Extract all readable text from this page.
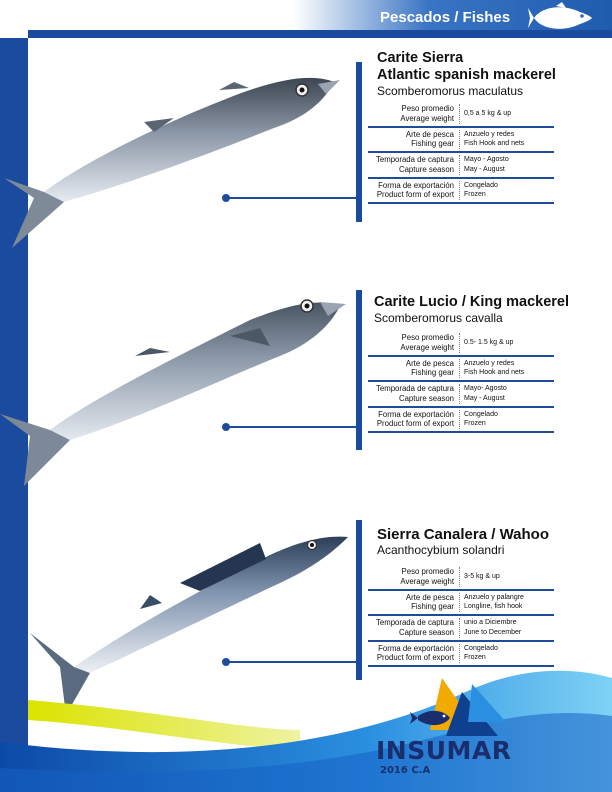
Pescados / Fishes
Carite Sierra
Atlantic spanish mackerel
Scomberomorus maculatus
Peso promedio
Average weight 0,5 a 5 kg & up
Arte de pesca
Fishing gear
Anzuelo y redes
Fish Hook and nets
Temporada de captura
Capture season
Mayo - Agosto
May - August
Forma de exportación
Product form of export
Congelado
Frozen
Carite Lucio / King mackerel
Scomberomorus cavalla
Peso promedio
Average weight 0.5- 1.5 kg & up
Arte de pesca
Fishing gear
Anzuelo y redes
Fish Hook and nets
Temporada de captura
Capture season
Mayo- Agosto
May - August
Forma de exportación
Product form of export
Congelado
Frozen
Sierra Canalera / Wahoo
Acanthocybium solandri
Peso promedio
Average weight 3-5 kg & up
Arte de pesca
Fishing gear
Anzuelo y palangre
Longline, fish hook
Temporada de captura
Capture season
unio a Diciembre
June to December
Forma de exportación
Product form of export
Congelado
Frozen
INSUMAR
2016 C.A
